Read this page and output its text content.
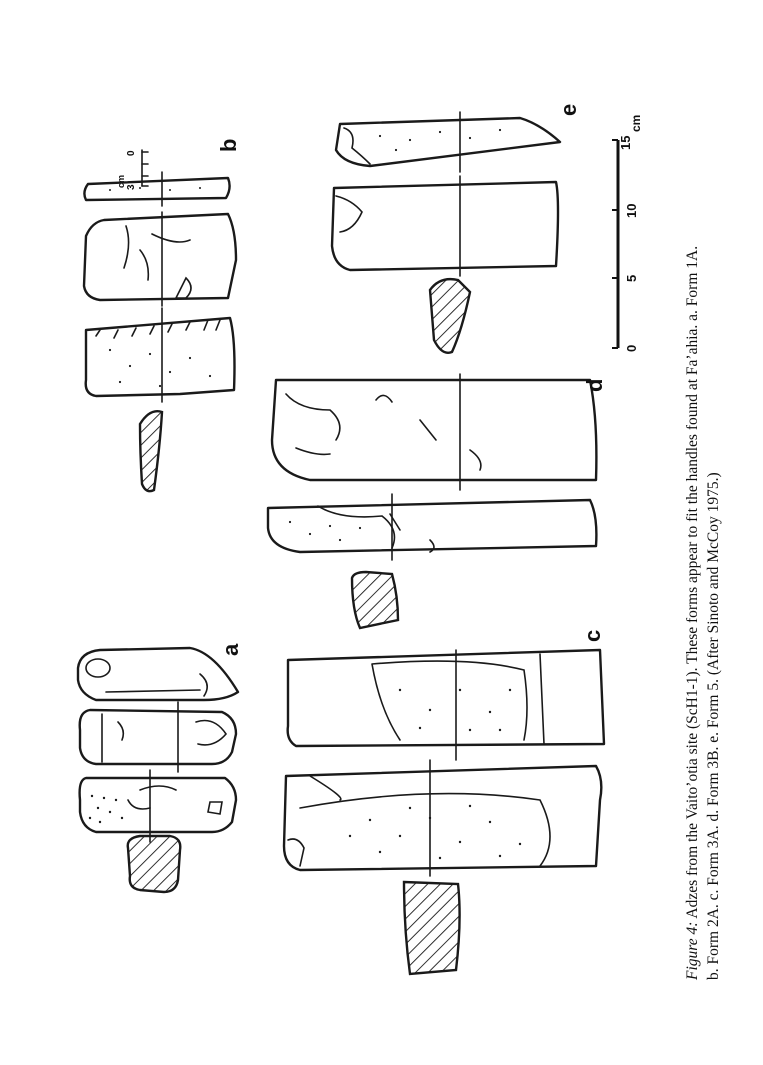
a
3
0
cm
b
c
d
e
0
5
10
15
cm
Figure 4: Adzes from the Vaito’otia site (ScH1-1). These forms appear to fit the handles found at Fa’ahia. a. Form 1A. b. Form 2A. c. Form 3A. d. Form 3B. e. Form 5. (After Sinoto and McCoy 1975.)
